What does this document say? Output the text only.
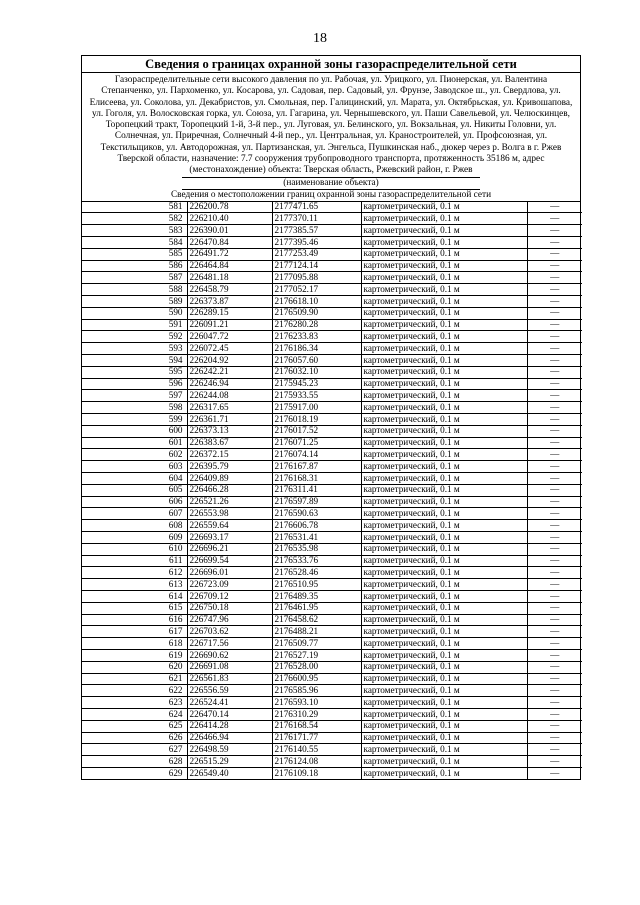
18
Сведения о границах охранной зоны газораспределительной сети
Газораспределительные сети высокого давления по ул. Рабочая, ул. Урицкого, ул. Пионерская, ул. Валентина Степанченко, ул. Пархоменко, ул. Косарова, ул. Садовая, пер. Садовый, ул. Фрунзе, Заводское ш., ул. Свердлова, ул. Елисеева, ул. Соколова, ул. Декабристов, ул. Смольная, пер. Галицинский, ул. Марата, ул. Октябрьская, ул. Кривошапова, ул. Гоголя, ул. Волоcковская горка, ул. Союза, ул. Гагарина, ул. Чернышевского, ул. Паши Савельевой, ул. Челюскинцев, Торопецкий тракт, Торопецкий 1-й, 3-й пер., ул. Луговая, ул. Белинского, ул. Вокзальная, ул. Никиты Головни, ул. Солнечная, ул. Приречная, Солнечный 4-й пер., ул. Центральная, ул. Краностроителей, ул. Профсоюзная, ул. Текстильщиков, ул. Автодорожная, ул. Партизанская, ул. Энгельса, Пушкинская наб., дюкер через р. Волга в г. Ржев Тверской области, назначение: 7.7 сооружения трубопроводного транспорта, протяженность 35186 м, адрес (местонахождение) объекта: Тверская область, Ржевский район, г. Ржев
(наименование объекта)
Сведения о местоположении границ охранной зоны газораспределительной сети
581	226200.78	2177471.65	картометрический, 0.1 м	—
582	226210.40	2177370.11	картометрический, 0.1 м	—
583	226390.01	2177385.57	картометрический, 0.1 м	—
584	226470.84	2177395.46	картометрический, 0.1 м	—
585	226491.72	2177253.49	картометрический, 0.1 м	—
586	226464.84	2177124.14	картометрический, 0.1 м	—
587	226481.18	2177095.88	картометрический, 0.1 м	—
588	226458.79	2177052.17	картометрический, 0.1 м	—
589	226373.87	2176618.10	картометрический, 0.1 м	—
590	226289.15	2176509.90	картометрический, 0.1 м	—
591	226091.21	2176280.28	картометрический, 0.1 м	—
592	226047.72	2176233.83	картометрический, 0.1 м	—
593	226072.45	2176186.34	картометрический, 0.1 м	—
594	226204.92	2176057.60	картометрический, 0.1 м	—
595	226242.21	2176032.10	картометрический, 0.1 м	—
596	226246.94	2175945.23	картометрический, 0.1 м	—
597	226244.08	2175933.55	картометрический, 0.1 м	—
598	226317.65	2175917.00	картометрический, 0.1 м	—
599	226361.71	2176018.19	картометрический, 0.1 м	—
600	226373.13	2176017.52	картометрический, 0.1 м	—
601	226383.67	2176071.25	картометрический, 0.1 м	—
602	226372.15	2176074.14	картометрический, 0.1 м	—
603	226395.79	2176167.87	картометрический, 0.1 м	—
604	226409.89	2176168.31	картометрический, 0.1 м	—
605	226466.28	2176311.41	картометрический, 0.1 м	—
606	226521.26	2176597.89	картометрический, 0.1 м	—
607	226553.98	2176590.63	картометрический, 0.1 м	—
608	226559.64	2176606.78	картометрический, 0.1 м	—
609	226693.17	2176531.41	картометрический, 0.1 м	—
610	226696.21	2176535.98	картометрический, 0.1 м	—
611	226699.54	2176533.76	картометрический, 0.1 м	—
612	226696.01	2176528.46	картометрический, 0.1 м	—
613	226723.09	2176510.95	картометрический, 0.1 м	—
614	226709.12	2176489.35	картометрический, 0.1 м	—
615	226750.18	2176461.95	картометрический, 0.1 м	—
616	226747.96	2176458.62	картометрический, 0.1 м	—
617	226703.62	2176488.21	картометрический, 0.1 м	—
618	226717.56	2176509.77	картометрический, 0.1 м	—
619	226690.62	2176527.19	картометрический, 0.1 м	—
620	226691.08	2176528.00	картометрический, 0.1 м	—
621	226561.83	2176600.95	картометрический, 0.1 м	—
622	226556.59	2176585.96	картометрический, 0.1 м	—
623	226524.41	2176593.10	картометрический, 0.1 м	—
624	226470.14	2176310.29	картометрический, 0.1 м	—
625	226414.28	2176168.54	картометрический, 0.1 м	—
626	226466.94	2176171.77	картометрический, 0.1 м	—
627	226498.59	2176140.55	картометрический, 0.1 м	—
628	226515.29	2176124.08	картометрический, 0.1 м	—
629	226549.40	2176109.18	картометрический, 0.1 м	—
